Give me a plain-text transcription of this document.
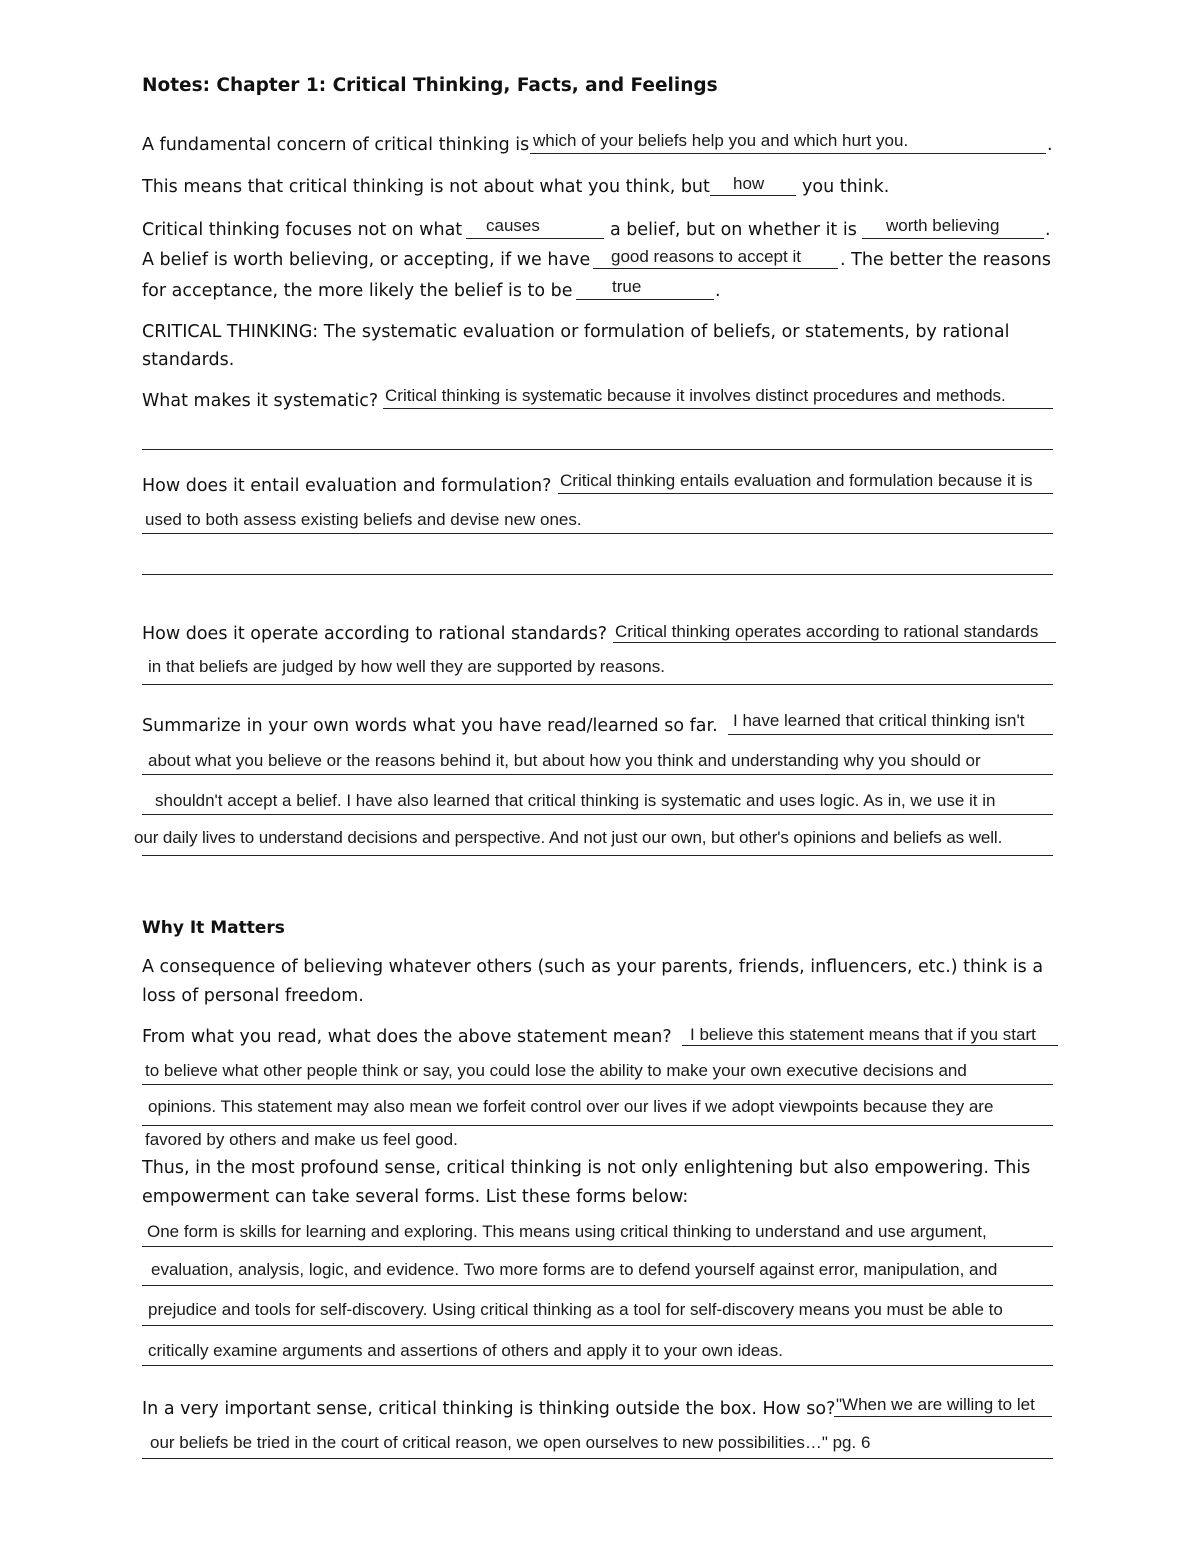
Notes: Chapter 1: Critical Thinking, Facts, and Feelings
A fundamental concern of critical thinking is which of your beliefs help you and which hurt you.	.
This means that critical thinking is not about what you think, but how you think.
Critical thinking focuses not on what causes	a belief, but on whether it is worth believing	.
A belief is worth believing, or accepting, if we have good reasons to accept it . The better the reasons
for acceptance, the more likely the belief is to be true	.
CRITICAL THINKING: The systematic evaluation or formulation of beliefs, or statements, by rational
standards.
What makes it systematic? Critical thinking is systematic because it involves distinct procedures and methods.
How does it entail evaluation and formulation? Critical thinking entails evaluation and formulation because it is
used to both assess existing beliefs and devise new ones.
How does it operate according to rational standards? Critical thinking operates according to rational standards
in that beliefs are judged by how well they are supported by reasons.
Summarize in your own words what you have read/learned so far. I have learned that critical thinking isn't
about what you believe or the reasons behind it, but about how you think and understanding why you should or
shouldn't accept a belief. I have also learned that critical thinking is systematic and uses logic. As in, we use it in
our daily lives to understand decisions and perspective. And not just our own, but other's opinions and beliefs as well.
Why It Matters
A consequence of believing whatever others (such as your parents, friends, influencers, etc.) think is a
loss of personal freedom.
From what you read, what does the above statement mean? I believe this statement means that if you start
to believe what other people think or say, you could lose the ability to make your own executive decisions and
opinions. This statement may also mean we forfeit control over our lives if we adopt viewpoints because they are
favored by others and make us feel good.
Thus, in the most profound sense, critical thinking is not only enlightening but also empowering. This
empowerment can take several forms. List these forms below:
One form is skills for learning and exploring. This means using critical thinking to understand and use argument,
evaluation, analysis, logic, and evidence. Two more forms are to defend yourself against error, manipulation, and
prejudice and tools for self-discovery. Using critical thinking as a tool for self-discovery means you must be able to
critically examine arguments and assertions of others and apply it to your own ideas.
In a very important sense, critical thinking is thinking outside the box. How so? "When we are willing to let
our beliefs be tried in the court of critical reason, we open ourselves to new possibilities…" pg. 6
